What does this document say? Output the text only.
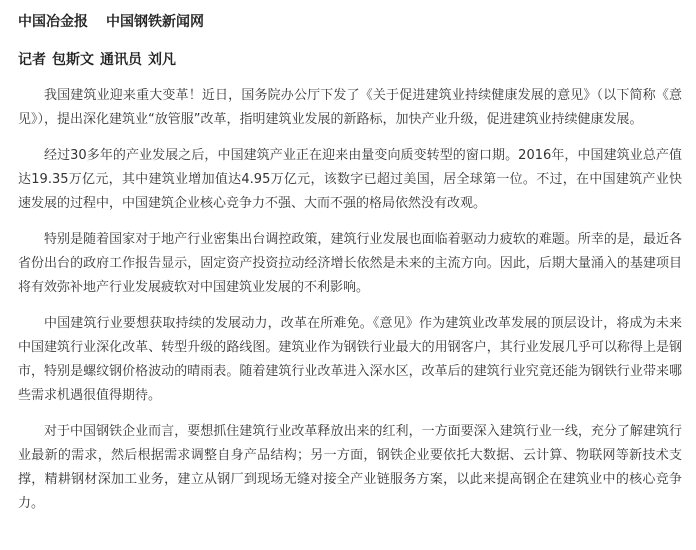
中国冶金报 中国钢铁新闻网
记者 包斯文 通讯员 刘凡

我国建筑业迎来重大变革！近日，国务院办公厅下发了《关于促进建筑业持续健康发展的意见》（以下简称《意见》），提出深化建筑业“放管服”改革，指明建筑业发展的新路标，加快产业升级，促进建筑业持续健康发展。

经过30多年的产业发展之后，中国建筑产业正在迎来由量变向质变转型的窗口期。2016年，中国建筑业总产值达19.35万亿元，其中建筑业增加值达4.95万亿元，该数字已超过美国，居全球第一位。不过，在中国建筑产业快速发展的过程中，中国建筑企业核心竞争力不强、大而不强的格局依然没有改观。

特别是随着国家对于地产行业密集出台调控政策，建筑行业发展也面临着驱动力疲软的难题。所幸的是，最近各省份出台的政府工作报告显示，固定资产投资拉动经济增长依然是未来的主流方向。因此，后期大量涌入的基建项目将有效弥补地产行业发展疲软对中国建筑业发展的不利影响。

中国建筑行业要想获取持续的发展动力，改革在所难免。《意见》作为建筑业改革发展的顶层设计，将成为未来中国建筑行业深化改革、转型升级的路线图。建筑业作为钢铁行业最大的用钢客户，其行业发展几乎可以称得上是钢市，特别是螺纹钢价格波动的晴雨表。随着建筑行业改革进入深水区，改革后的建筑行业究竟还能为钢铁行业带来哪些需求机遇很值得期待。

对于中国钢铁企业而言，要想抓住建筑行业改革释放出来的红利，一方面要深入建筑行业一线，充分了解建筑行业最新的需求，然后根据需求调整自身产品结构；另一方面，钢铁企业要依托大数据、云计算、物联网等新技术支撑，精耕钢材深加工业务，建立从钢厂到现场无缝对接全产业链服务方案，以此来提高钢企在建筑业中的核心竞争力。
